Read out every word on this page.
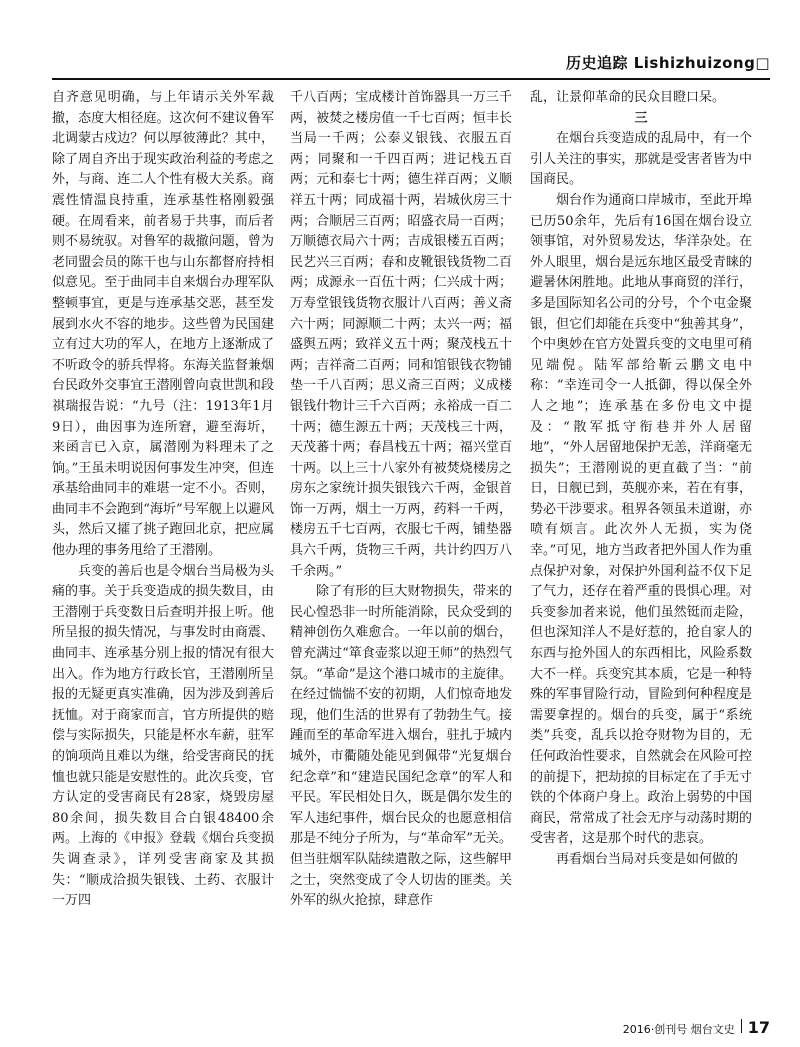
历史追踪 Lishizhuizong□

自齐意见明确，与上年请示关外军裁撤，态度大相径庭。这次何不建议鲁军北调蒙古戍边？何以厚彼薄此？其中，除了周自齐出于现实政治利益的考虑之外，与商、连二人个性有极大关系。商震性情温良持重，连承基性格刚毅强硬。在周看来，前者易于共事，而后者则不易统驭。对鲁军的裁撤问题，曾为老同盟会员的陈干也与山东都督府持相似意见。至于曲同丰自来烟台办理军队整顿事宜，更是与连承基交恶，甚至发展到水火不容的地步。这些曾为民国建立有过大功的军人，在地方上逐渐成了不听政令的骄兵悍将。东海关监督兼烟台民政外交事宜王潜刚曾向袁世凯和段祺瑞报告说：“九号（注：1913年1月9日），曲因事为连所窘，避至海圻，来函言已入京，属潜刚为料理未了之饷。”王虽未明说因何事发生冲突，但连承基给曲同丰的难堪一定不小。否则，曲同丰不会跑到“海圻”号军舰上以避风头，然后又攉了挑子跑回北京，把应属他办理的事务甩给了王潜刚。

兵变的善后也是令烟台当局极为头痛的事。关于兵变造成的损失数目，由王潜刚于兵变数日后查明并报上听。他所呈报的损失情况，与事发时由商震、曲同丰、连承基分别上报的情况有很大出入。作为地方行政长官，王潜刚所呈报的无疑更真实准确，因为涉及到善后抚恤。对于商家而言，官方所提供的赔偿与实际损失，只能是杯水车薪，驻军的饷项尚且难以为继，给受害商民的抚恤也就只能是安慰性的。此次兵变，官方认定的受害商民有28家，烧毁房屋80余间，损失数目合白银48400余两。上海的《申报》登载《烟台兵变损失调查录》，详列受害商家及其损失：“顺成洽损失银钱、土药、衣服计一万四

千八百两；宝成楼计首饰器具一万三千两，被焚之楼房值一千七百两；恒丰长当局一千两；公泰义银钱、衣服五百两；同聚和一千四百两；进记栈五百两；元和泰七十两；德生祥百两；义顺祥五十两；同成福十两，岩城伙房三十两；合顺居三百两；昭盛衣局一百两；万顺德衣局六十两；吉成银楼五百两；民艺兴三百两；春和皮靴银钱货物二百两；成源永一百伍十两；仁兴成十两；万寿堂银钱货物衣服计八百两；善义斋六十两；同源顺二十两；太兴一两；福盛舆五两；致祥义五十两；聚茂栈五十两；吉祥斋二百两；同和馆银钱衣物铺垫一千八百两；思义斋三百两；义成楼银钱什物计三千六百两；永裕成一百二十两；德生源五十两；天茂栈三十两，天茂蕃十两；春昌栈五十两；福兴堂百十两。以上三十八家外有被焚烧楼房之房东之家统计损失银钱六千两，金银首饰一万两，烟土一万两，药料一千两，楼房五千七百两，衣服七千两，铺垫器具六千两，货物三千两，共计约四万八千余两。”

除了有形的巨大财物损失，带来的民心惶恐非一时所能消除，民众受到的精神创伤久难愈合。一年以前的烟台，曾充满过“箪食壶浆以迎王师”的热烈气氛。“革命”是这个港口城市的主旋律。在经过惴惴不安的初期，人们惊奇地发现，他们生活的世界有了勃勃生气。接踵而至的革命军进入烟台，驻扎于城内城外，市衢随处能见到佩带“光复烟台纪念章”和“建造民国纪念章”的军人和平民。军民相处日久，既是偶尔发生的军人违纪事件，烟台民众的也愿意相信那是不纯分子所为，与“革命军”无关。但当驻烟军队陆续遣散之际，这些解甲之士，突然变成了令人切齿的匪类。关外军的纵火抢掠，肆意作

乱，让景仰革命的民众目瞪口呆。

三

在烟台兵变造成的乱局中，有一个引人关注的事实，那就是受害者皆为中国商民。

烟台作为通商口岸城市，至此开埠已历50余年，先后有16国在烟台设立领事馆，对外贸易发达，华洋杂处。在外人眼里，烟台是远东地区最受青睐的避暑休闲胜地。此地从事商贸的洋行，多是国际知名公司的分号，个个屯金聚银，但它们却能在兵变中“独善其身”，个中奥妙在官方处置兵变的文电里可稍见端倪。陆军部给靳云鹏文电中称：“幸连司令一人抵御，得以保全外人之地”；连承基在多份电文中提及：“散军抵守衔巷并外人居留地”，“外人居留地保护无恙，洋商毫无损失”；王潜刚说的更直截了当：“前日，日舰已到，英舰亦来，若在有事，势必干涉要求。租界各领虽未道谢，亦喷有烦言。此次外人无损，实为侥幸。”可见，地方当政者把外国人作为重点保护对象，对保护外国利益不仅下足了气力，还存在着严重的畏惧心理。对兵变参加者来说，他们虽然铤而走险，但也深知洋人不是好惹的，抢自家人的东西与抢外国人的东西相比，风险系数大不一样。兵变究其本质，它是一种特殊的军事冒险行动，冒险到何种程度是需要拿捏的。烟台的兵变，属于“系统类”兵变，乱兵以抢夺财物为目的，无任何政治性要求，自然就会在风险可控的前提下，把劫掠的目标定在了手无寸铁的个体商户身上。政治上弱势的中国商民，常常成了社会无序与动荡时期的受害者，这是那个时代的悲哀。

再看烟台当局对兵变是如何做的

2016·创刊号 烟台文史 17
